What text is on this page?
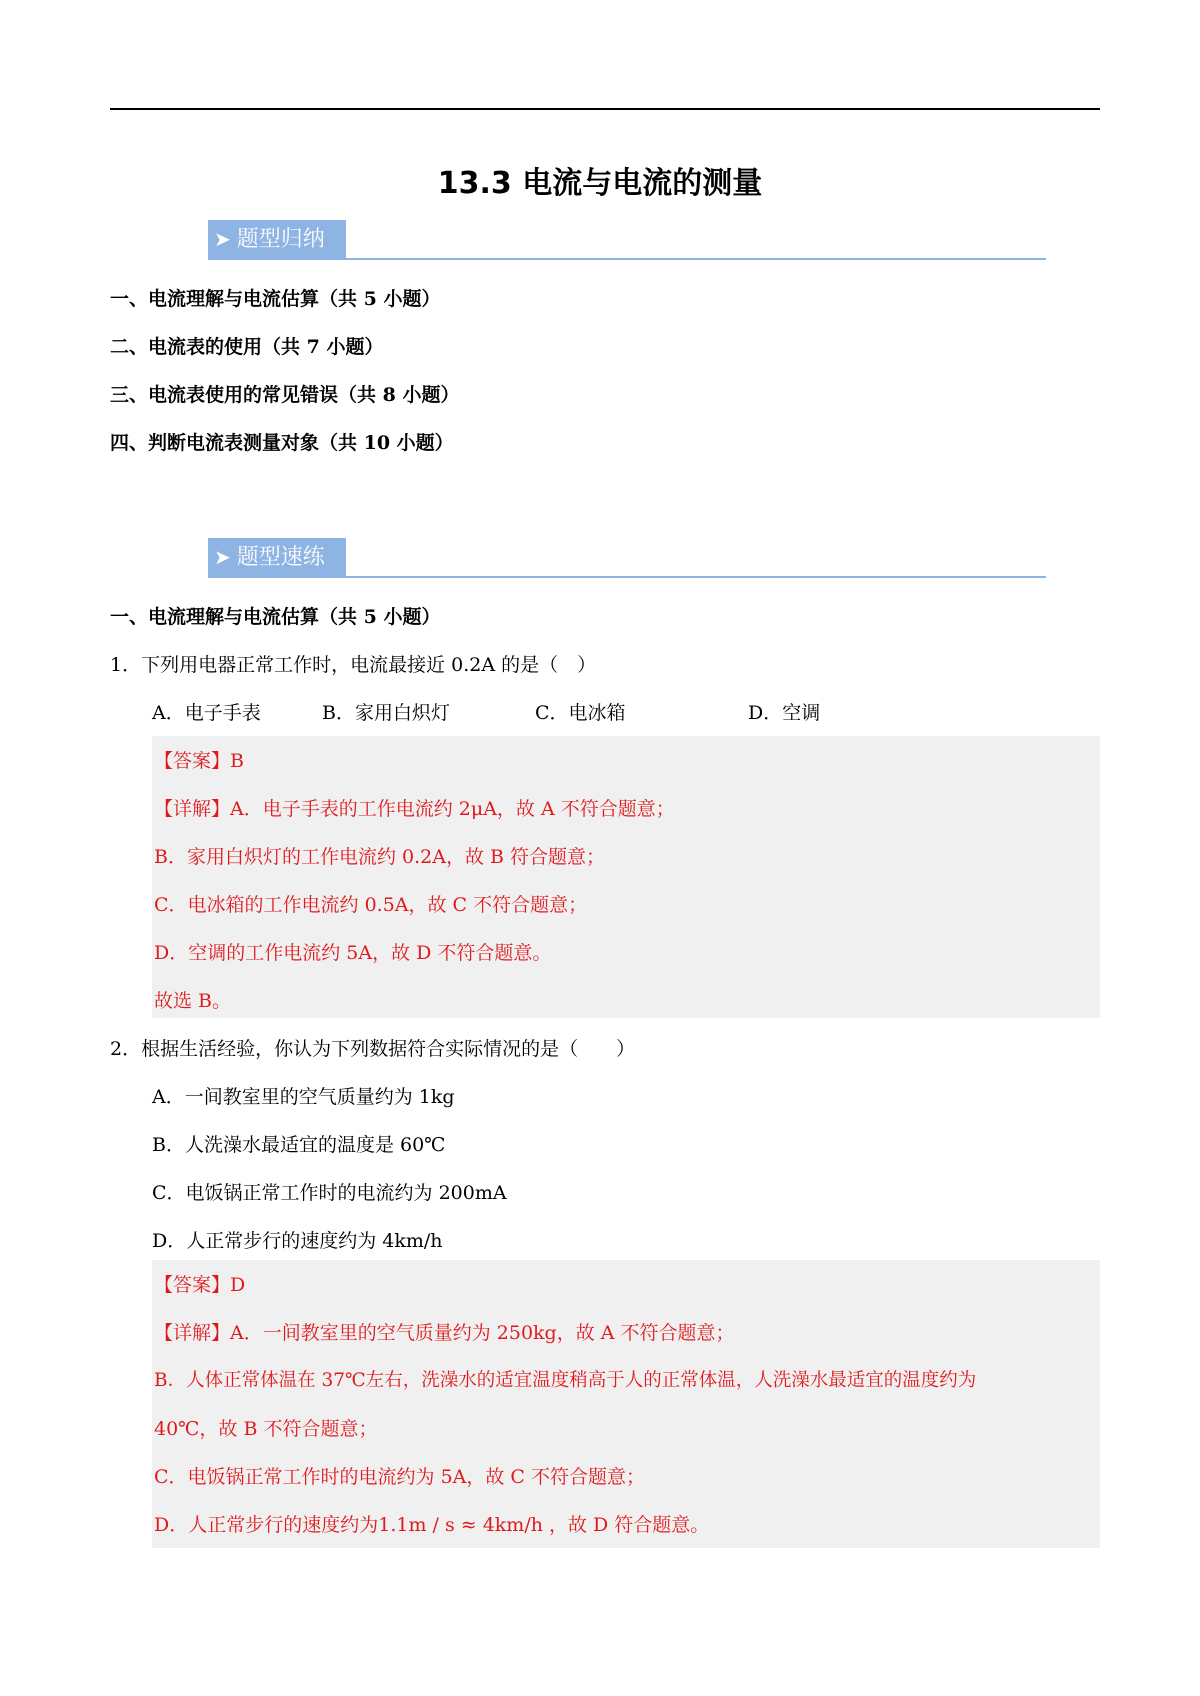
13.3 电流与电流的测量
➤ 题型归纳
一、电流理解与电流估算（共 5 小题）
二、电流表的使用（共 7 小题）
三、电流表使用的常见错误（共 8 小题）
四、判断电流表测量对象（共 10 小题）
➤ 题型速练
一、电流理解与电流估算（共 5 小题）
1．下列用电器正常工作时，电流最接近 0.2A 的是（　）
A．电子手表	B．家用白炽灯	C．电冰箱	D．空调
【答案】B
【详解】A．电子手表的工作电流约 2μA，故 A 不符合题意；
B．家用白炽灯的工作电流约 0.2A，故 B 符合题意；
C．电冰箱的工作电流约 0.5A，故 C 不符合题意；
D．空调的工作电流约 5A，故 D 不符合题意。
故选 B。
2．根据生活经验，你认为下列数据符合实际情况的是（　　）
A．一间教室里的空气质量约为 1kg
B．人洗澡水最适宜的温度是 60℃
C．电饭锅正常工作时的电流约为 200mA
D．人正常步行的速度约为 4km/h
【答案】D
【详解】A．一间教室里的空气质量约为 250kg，故 A 不符合题意；
B．人体正常体温在 37℃左右，洗澡水的适宜温度稍高于人的正常体温，人洗澡水最适宜的温度约为
40℃，故 B 不符合题意；
C．电饭锅正常工作时的电流约为 5A，故 C 不符合题意；
D．人正常步行的速度约为1.1m / s ≈ 4km/h ，故 D 符合题意。
